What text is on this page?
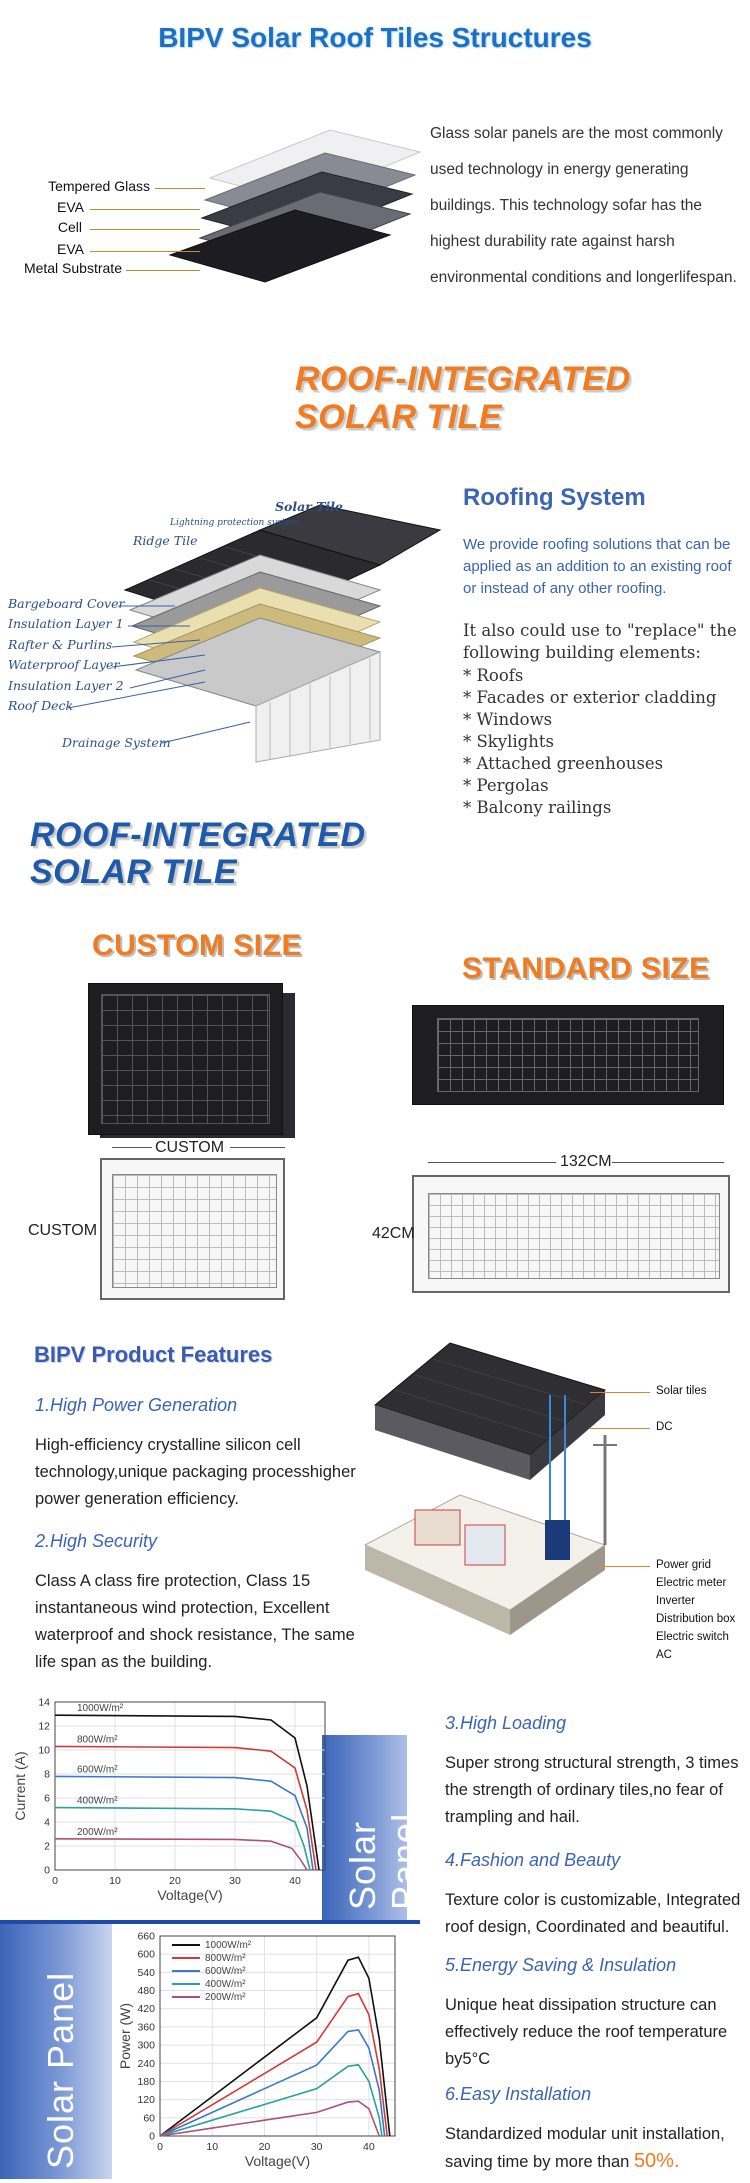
BIPV Solar Roof Tiles Structures
Tempered Glass
EVA
Cell
EVA
Metal Substrate
Glass solar panels are the most commonly used technology in energy generating buildings. This technology sofar has the highest durability rate against harsh environmental conditions and longerlifespan.
ROOF-INTEGRATED
SOLAR TILE
Solar Tile
Lightning protection system
Ridge Tile
Bargeboard Cover
Insulation Layer 1
Rafter & Purlins
Waterproof Layer
Insulation Layer 2
Roof Deck
Drainage System
Roofing System
We provide roofing solutions that can be applied as an addition to an existing roof or instead of any other roofing.
It also could use to "replace" the following building elements:
* Roofs
* Facades or exterior cladding
* Windows
* Skylights
* Attached greenhouses
* Pergolas
* Balcony railings
ROOF-INTEGRATED
SOLAR TILE
CUSTOM SIZE
STANDARD SIZE
CUSTOM
CUSTOM
132CM
42CM
BIPV Product Features
1.High Power Generation
High-efficiency crystalline silicon cell technology,unique packaging processhigher power generation efficiency.
2.High Security
Class A class fire protection, Class 15 instantaneous wind protection, Excellent waterproof and shock resistance, The same life span as the building.
Solar tiles
DC
Power grid
Electric meter
Inverter
Distribution box
Electric switch
AC
Solar Panel
Solar Panel
0
2
4
6
8
10
12
14
0	10	20	30	40
Voltage(V)
Current (A)
1000W/m²
800W/m²
600W/m²
400W/m²
200W/m²
0
60
120
180
240
300
360
420
480
540
600
660
0	10	20	30	40
Voltage(V)
Power (W)
1000W/m²
800W/m²
600W/m²
400W/m²
200W/m²
3.High Loading
Super strong structural strength, 3 times the strength of ordinary tiles,no fear of trampling and hail.
4.Fashion and Beauty
Texture color is customizable, Integrated roof design, Coordinated and beautiful.
5.Energy Saving & Insulation
Unique heat dissipation structure can effectively reduce the roof temperature by5°C
6.Easy Installation
Standardized modular unit installation, saving time by more than 50%.
